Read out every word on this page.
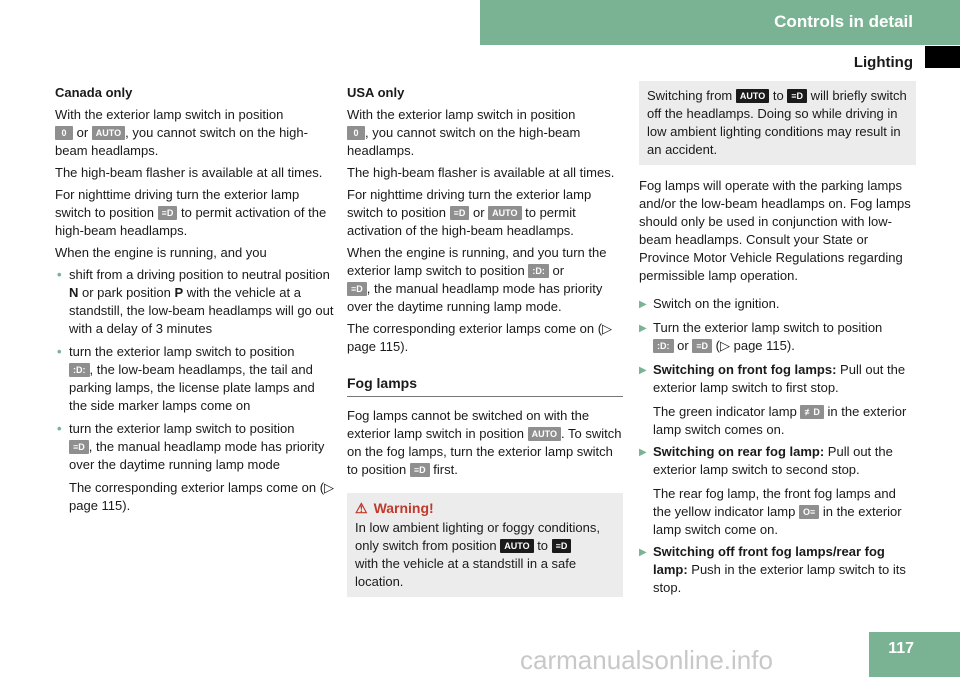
Controls in detail
Lighting

Canada only

With the exterior lamp switch in position
0 or AUTO , you cannot switch on the high-beam headlamps.

The high-beam flasher is available at all times.

For nighttime driving turn the exterior lamp switch to position ≡D to permit activation of the high-beam headlamps.

When the engine is running, and you

• shift from a driving position to neutral position N or park position P with the vehicle at a standstill, the low-beam headlamps will go out with a delay of 3 minutes
• turn the exterior lamp switch to position
:D: , the low-beam headlamps, the tail and parking lamps, the license plate lamps and the side marker lamps come on
• turn the exterior lamp switch to position
≡D , the manual headlamp mode has priority over the daytime running lamp mode

The corresponding exterior lamps come on (▷ page 115).

USA only

With the exterior lamp switch in position
0 , you cannot switch on the high-beam headlamps.

The high-beam flasher is available at all times.

For nighttime driving turn the exterior lamp switch to position ≡D or AUTO to permit activation of the high-beam headlamps.

When the engine is running, and you turn the exterior lamp switch to position :D: or
≡D , the manual headlamp mode has priority over the daytime running lamp mode.

The corresponding exterior lamps come on (▷ page 115).

Fog lamps

Fog lamps cannot be switched on with the exterior lamp switch in position AUTO . To switch on the fog lamps, turn the exterior lamp switch to position ≡D first.

⚠ Warning!
In low ambient lighting or foggy conditions, only switch from position AUTO to ≡D
with the vehicle at a standstill in a safe location.
Switching from AUTO to ≡D will briefly switch off the headlamps. Doing so while driving in low ambient lighting conditions may result in an accident.

Fog lamps will operate with the parking lamps and/or the low-beam headlamps on. Fog lamps should only be used in conjunction with low-beam headlamps. Consult your State or Province Motor Vehicle Regulations regarding permissible lamp operation.

▶ Switch on the ignition.
▶ Turn the exterior lamp switch to position
:D: or ≡D (▷ page 115).
▶ Switching on front fog lamps: Pull out the exterior lamp switch to first stop.

The green indicator lamp ≢D in the exterior lamp switch comes on.

▶ Switching on rear fog lamp: Pull out the exterior lamp switch to second stop.

The rear fog lamp, the front fog lamps and the yellow indicator lamp O≡ in the exterior lamp switch come on.

▶ Switching off front fog lamps/rear fog lamp: Push in the exterior lamp switch to its stop.
carmanualsonline.info	117
